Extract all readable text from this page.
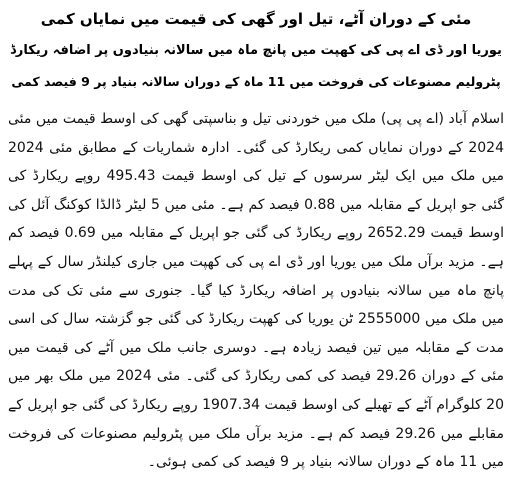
مئی کے دوران آٹے، تیل اور گھی کی قیمت میں نمایاں کمی
یوریا اور ڈی اے پی کی کھپت میں پانچ ماہ میں سالانہ بنیادوں پر اضافہ ریکارڈ
پٹرولیم مصنوعات کی فروخت میں 11 ماہ کے دوران سالانہ بنیاد پر 9 فیصد کمی

اسلام آباد (اے پی پی) ملک میں خوردنی تیل و بناسپتی گھی کی اوسط قیمت میں مئی 2024 کے دوران نمایاں کمی ریکارڈ کی گئی۔ ادارہ شماریات کے مطابق مئی 2024 میں ملک میں ایک لیٹر سرسوں کے تیل کی اوسط قیمت 495.43 روپے ریکارڈ کی گئی جو اپریل کے مقابلہ میں 0.88 فیصد کم ہے۔ مئی میں 5 لیٹر ڈالڈا کوکنگ آئل کی اوسط قیمت 2652.29 روپے ریکارڈ کی گئی جو اپریل کے مقابلہ میں 0.69 فیصد کم ہے۔ مزید برآں ملک میں یوریا اور ڈی اے پی کی کھپت میں جاری کیلنڈر سال کے پہلے پانچ ماہ میں سالانہ بنیادوں پر اضافہ ریکارڈ کیا گیا۔ جنوری سے مئی تک کی مدت میں ملک میں 2555000 ٹن یوریا کی کھپت ریکارڈ کی گئی جو گزشتہ سال کی اسی مدت کے مقابلہ میں تین فیصد زیادہ ہے۔ دوسری جانب ملک میں آٹے کی قیمت میں مئی کے دوران 29.26 فیصد کی کمی ریکارڈ کی گئی۔ مئی 2024 میں ملک بھر میں 20 کلوگرام آٹے کے تھیلے کی اوسط قیمت 1907.34 روپے ریکارڈ کی گئی جو اپریل کے مقابلے میں 29.26 فیصد کم ہے۔ مزید برآں ملک میں پٹرولیم مصنوعات کی فروخت میں 11 ماہ کے دوران سالانہ بنیاد پر 9 فیصد کی کمی ہوئی۔
